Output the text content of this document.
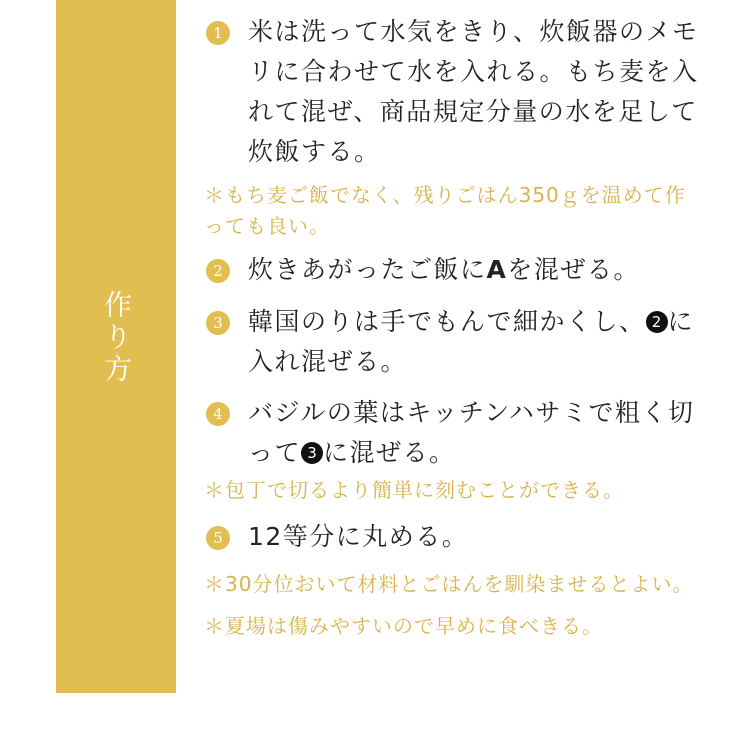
作り方
1 米は洗って水気をきり、炊飯器のメモリに合わせて水を入れる。もち麦を入れて混ぜ、商品規定分量の水を足して炊飯する。
＊もち麦ご飯でなく、残りごはん350ｇを温めて作っても良い。
2 炊きあがったご飯にAを混ぜる。
3 韓国のりは手でもんで細かくし、 2 に入れ混ぜる。
4 バジルの葉はキッチンハサミで粗く切って 3 に混ぜる。
＊包丁で切るより簡単に刻むことができる。
5 12等分に丸める。
＊30分位おいて材料とごはんを馴染ませるとよい。
＊夏場は傷みやすいので早めに食べきる。
